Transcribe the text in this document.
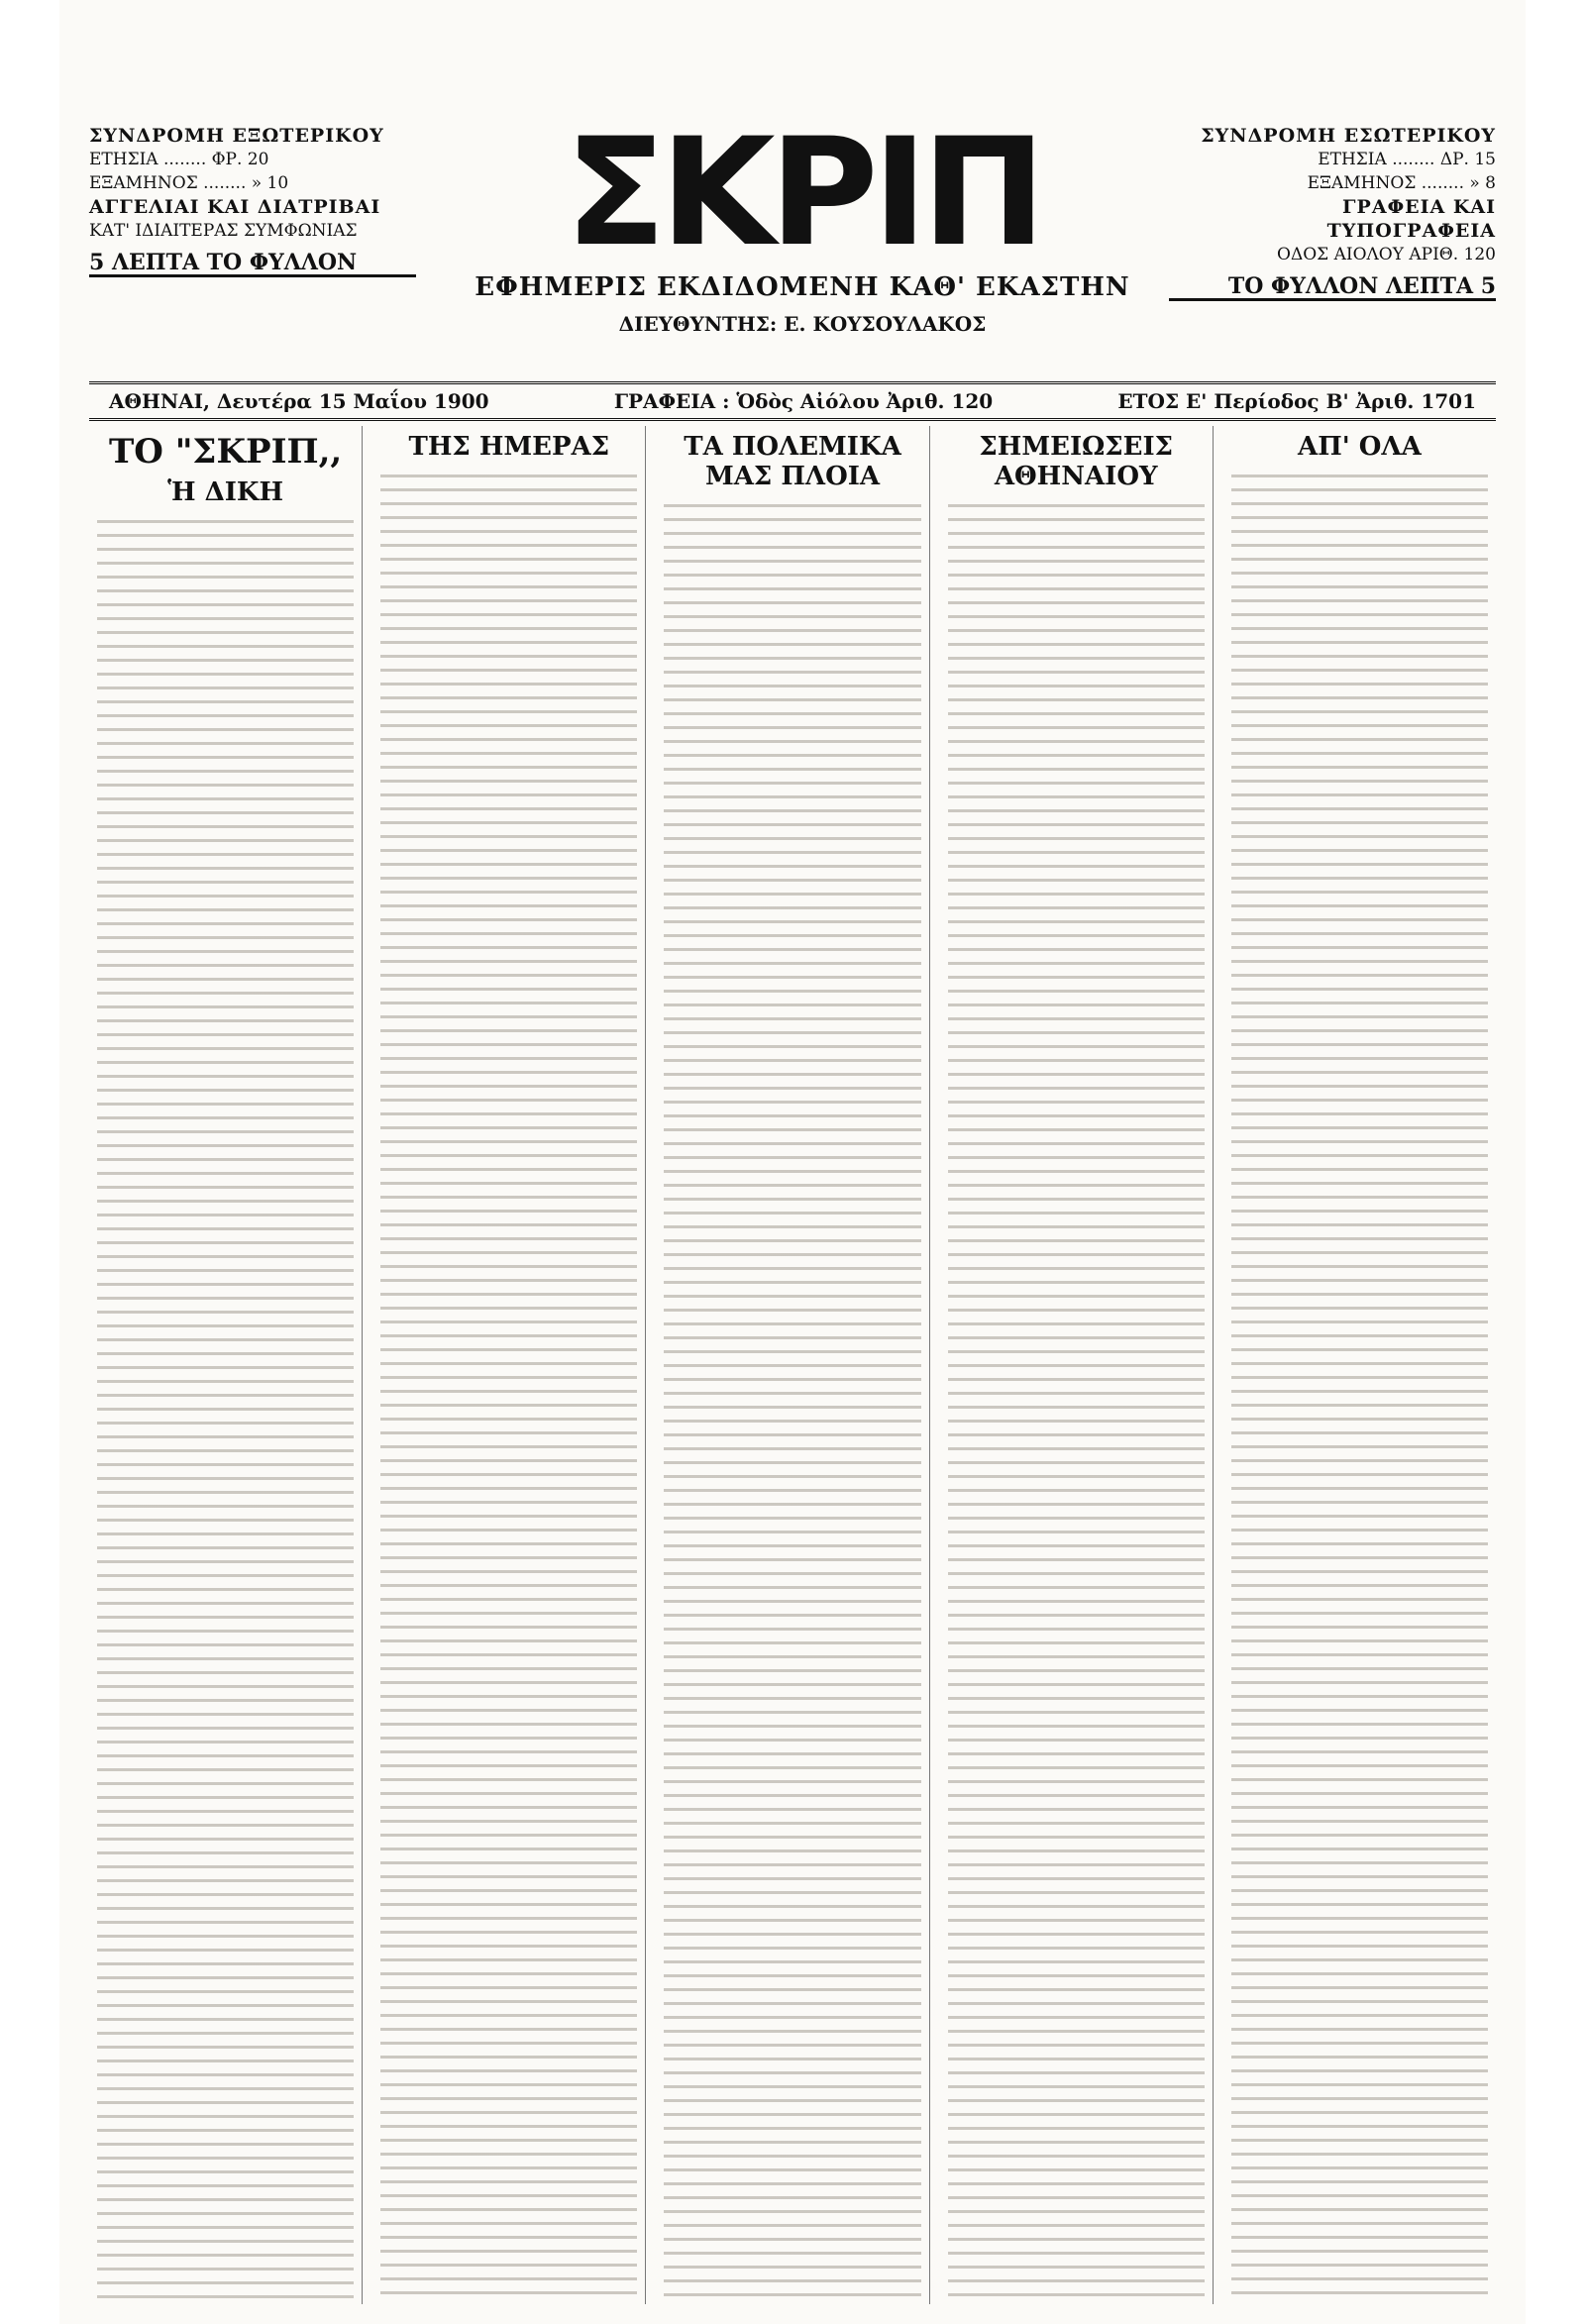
ΣΥΝΔΡΟΜΗ ΕΞΩΤΕΡΙΚΟΥ
ΕΤΗΣΙΑ ........ ΦΡ. 20
ΕΞΑΜΗΝΟΣ ........ » 10
ΑΓΓΕΛΙΑΙ ΚΑΙ ΔΙΑΤΡΙΒΑΙ
ΚΑΤ' ΙΔΙΑΙΤΕΡΑΣ ΣΥΜΦΩΝΙΑΣ
5 ΛΕΠΤΑ ΤΟ ΦΥΛΛΟΝ	ΣΚΡΙΠ
ΕΦΗΜΕΡΙΣ ΕΚΔΙΔΟΜΕΝΗ ΚΑΘ' ΕΚΑΣΤΗΝ
ΔΙΕΥΘΥΝΤΗΣ: Ε. ΚΟΥΣΟΥΛΑΚΟΣ
ΣΥΝΔΡΟΜΗ ΕΣΩΤΕΡΙΚΟΥ
ΕΤΗΣΙΑ ........ ΔΡ. 15
ΕΞΑΜΗΝΟΣ ........ » 8
ΓΡΑΦΕΙΑ ΚΑΙ ΤΥΠΟΓΡΑΦΕΙΑ
ΟΔΟΣ ΑΙΟΛΟΥ ΑΡΙΘ. 120
ΤΟ ΦΥΛΛΟΝ ΛΕΠΤΑ 5
ΑΘΗΝΑΙ, Δευτέρα 15 Μαΐου 1900	ΓΡΑΦΕΙΑ : Ὁδὸς Αἰόλου Ἀριθ. 120	ΕΤΟΣ Ε' Περίοδος Β' Ἀριθ. 1701
ΤΟ "ΣΚΡΙΠ,,
Ἡ ΔΙΚΗ
ΤΗΣ ΗΜΕΡΑΣ	ΤΑ ΠΟΛΕΜΙΚΑ ΜΑΣ ΠΛΟΙΑ
ΣΗΜΕΙΩΣΕΙΣ ΑΘΗΝΑΙΟΥ
ΑΠ' ΟΛΑ
